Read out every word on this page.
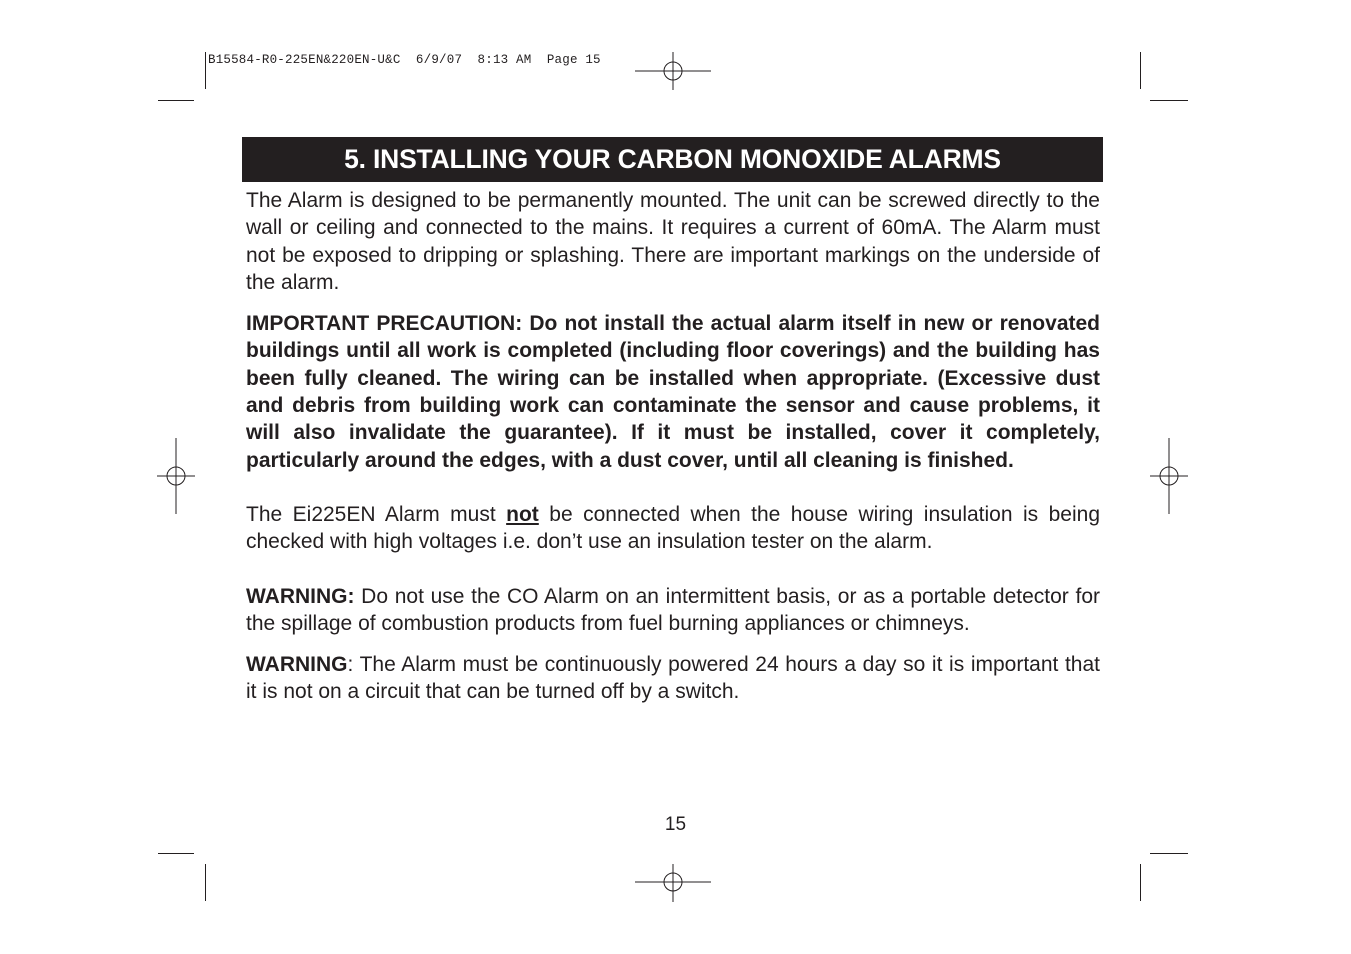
B15584-R0-225EN&220EN-U&C  6/9/07  8:13 AM  Page 15
5. INSTALLING YOUR CARBON MONOXIDE ALARMS

The Alarm is designed to be permanently mounted. The unit can be screwed directly to the wall or ceiling and connected to the mains. It requires a current of 60mA. The Alarm must not be exposed to dripping or splashing. There are important markings on the underside of the alarm.

IMPORTANT PRECAUTION: Do not install the actual alarm itself in new or renovated buildings until all work is completed (including floor coverings) and the building has been fully cleaned. The wiring can be installed when appropriate. (Excessive dust and debris from building work can contaminate the sensor and cause problems, it will also invalidate the guarantee). If it must be installed, cover it completely, particularly around the edges, with a dust cover, until all cleaning is finished.

The Ei225EN Alarm must not be connected when the house wiring insulation is being checked with high voltages i.e. don’t use an insulation tester on the alarm.

WARNING: Do not use the CO Alarm on an intermittent basis, or as a portable detector for the spillage of combustion products from fuel burning appliances or chimneys.

WARNING: The Alarm must be continuously powered 24 hours a day so it is important that it is not on a circuit that can be turned off by a switch.

15
